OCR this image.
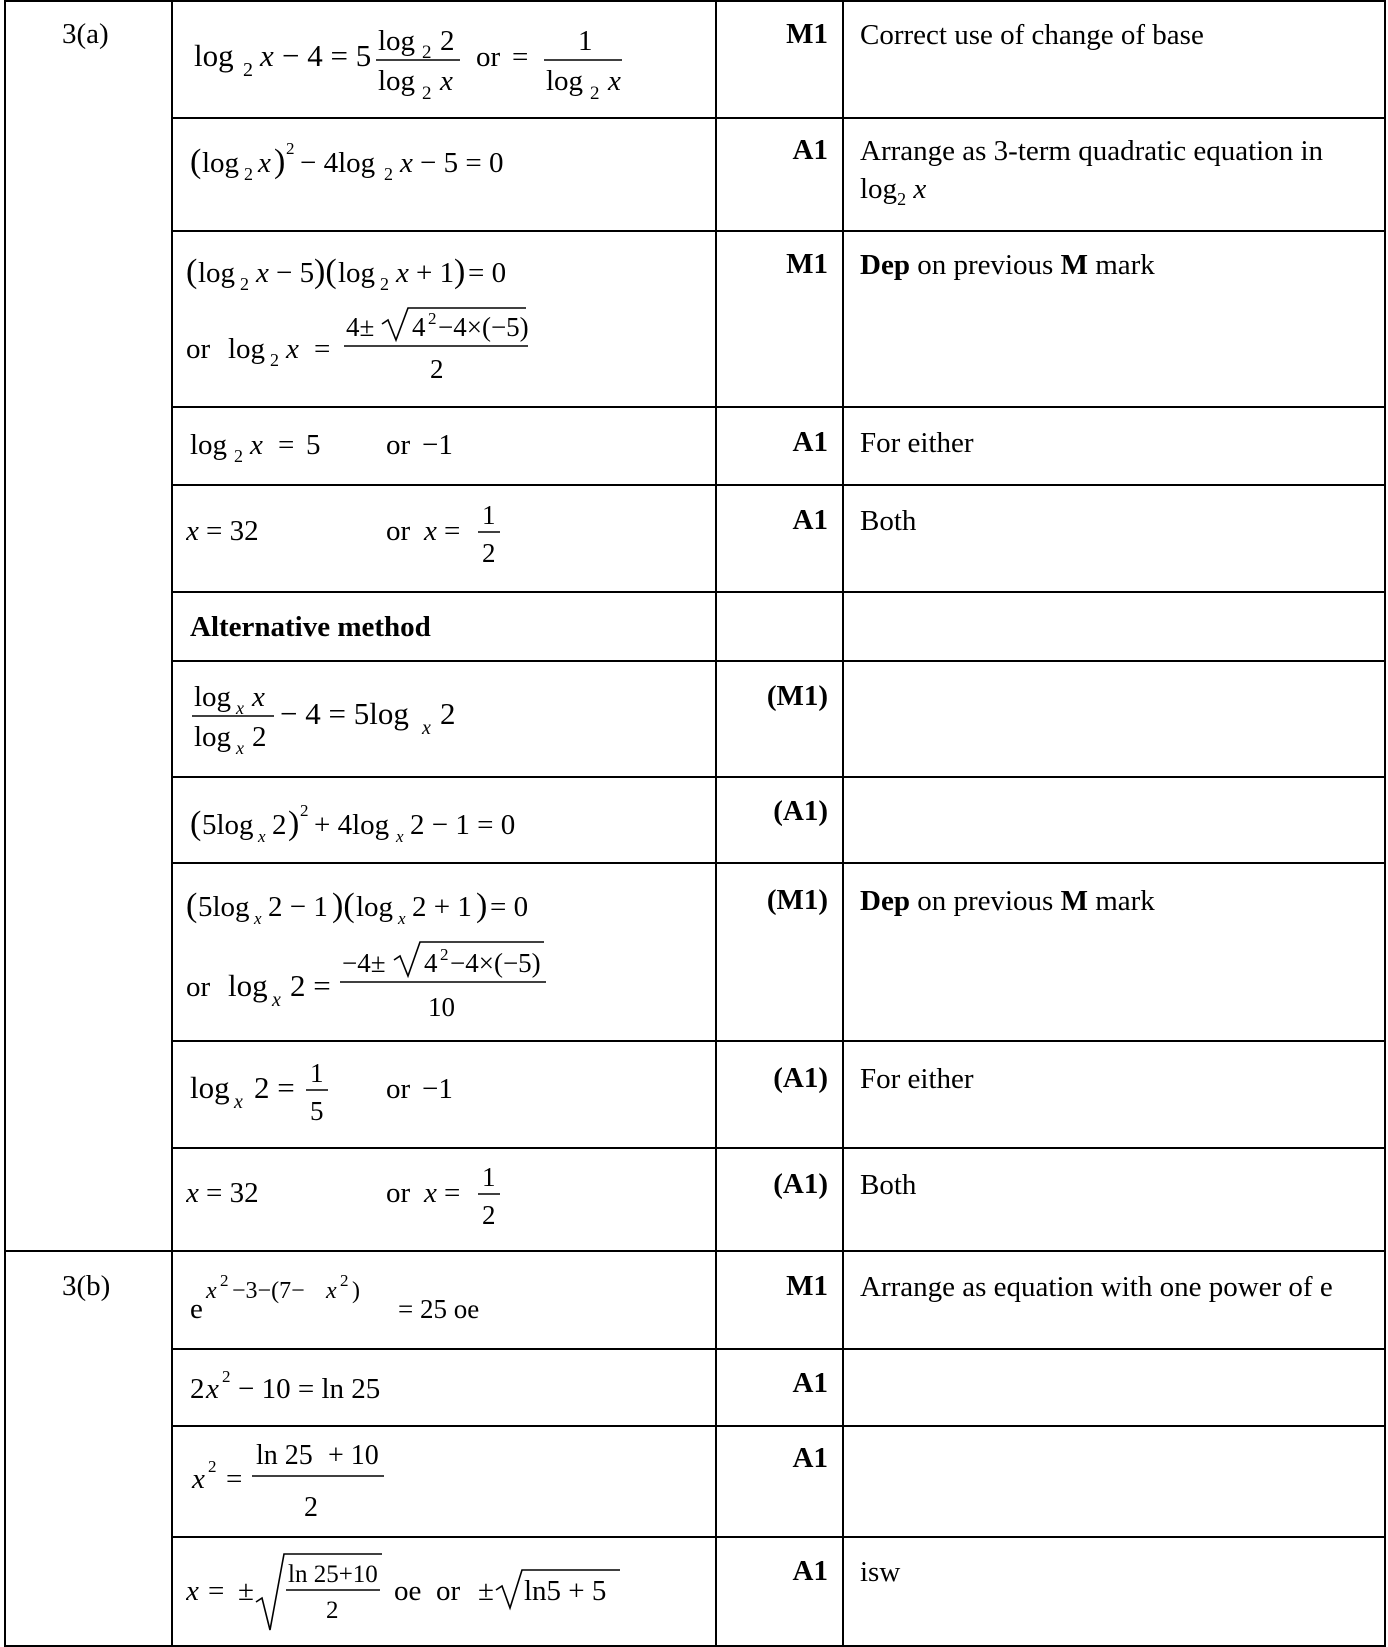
3(a)
3(b)
M1
A1
M1
A1
A1
(M1)
(A1)
(M1)
(A1)
(A1)
M1
A1
A1
A1
Correct use of change of base
Arrange as 3-term quadratic equation in
$\log_2 x$
Dep on previous M mark
For either
Both
Dep on previous M mark
For either
Both
Arrange as equation with one power of e
isw
Alternative method
log 2 x − 4 = 5 log 2 2
log 2 x
or = 1
log 2 x
( log 2 x ) 2 − 4log 2 x − 5 = 0
( log 2 x − 5 )( log 2 x + 1 ) = 0
or log 2 x =
4± 4 2 −4×(−5)
2
log 2 x = 5 or −1
x = 32	or x = 1
2
log x x
log x 2
− 4 = 5log x 2
( 5log x 2 ) 2 + 4log x 2 − 1 = 0
( 5log x 2 − 1 )( log x 2 + 1 ) = 0
or log x 2 =
−4± 4 2 −4×(−5)
10
log x 2 = 1
5
or −1
x = 32	or x = 1
2
e
x 2 −3−(7− x 2 )
= 25 oe
2 x 2 − 10 = ln 25
x 2 =
ln 25 + 10
2
x = ±
ln 25+10
2
oe or ± ln5 + 5
